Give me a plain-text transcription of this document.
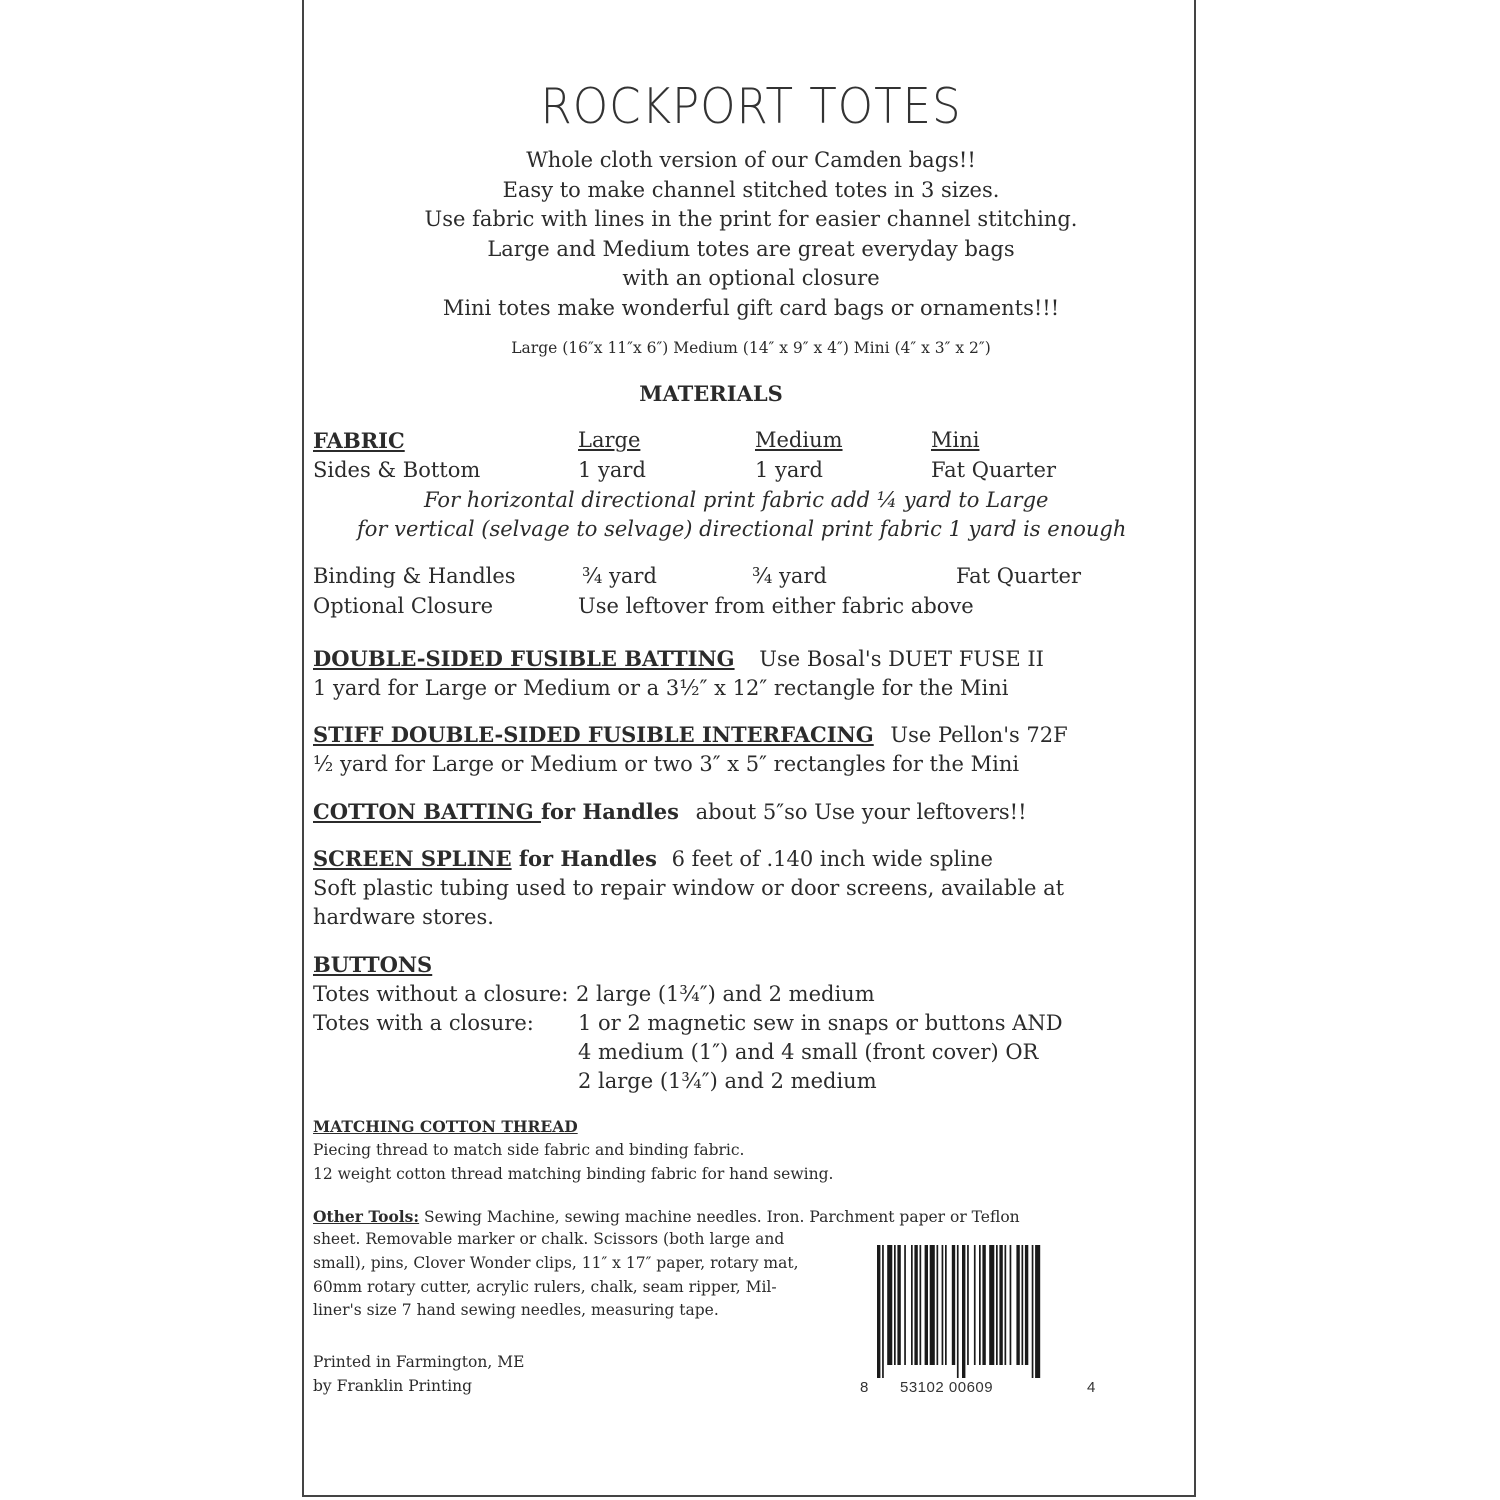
ROCKPORT TOTES
Whole cloth version of our Camden bags!!
Easy to make channel stitched totes in 3 sizes.
Use fabric with lines in the print for easier channel stitching.
Large and Medium totes are great everyday bags
with an optional closure
Mini totes make wonderful gift card bags or ornaments!!!
Large (16″x 11″x 6″) Medium (14″ x 9″ x 4″) Mini (4″ x 3″ x 2″)
MATERIALS
FABRIC	Large	Medium	Mini
Sides & Bottom	1 yard	1 yard	Fat Quarter
For horizontal directional print fabric add ¼ yard to Large
for vertical (selvage to selvage) directional print fabric 1 yard is enough
Binding & Handles	¾ yard	¾ yard	Fat Quarter
Optional Closure	Use leftover from either fabric above
DOUBLE-SIDED FUSIBLE BATTING Use Bosal's DUET FUSE II
1 yard for Large or Medium or a 3½″ x 12″ rectangle for the Mini
STIFF DOUBLE-SIDED FUSIBLE INTERFACING Use Pellon's 72F
½ yard for Large or Medium or two 3″ x 5″ rectangles for the Mini
COTTON BATTING for Handles about 5″so Use your leftovers!!
SCREEN SPLINE for Handles 6 feet of .140 inch wide spline
Soft plastic tubing used to repair window or door screens, available at
hardware stores.
BUTTONS
Totes without a closure: 2 large (1¾″) and 2 medium
Totes with a closure: 1 or 2 magnetic sew in snaps or buttons AND
4 medium (1″) and 4 small (front cover) OR
2 large (1¾″) and 2 medium
MATCHING COTTON THREAD
Piecing thread to match side fabric and binding fabric.
12 weight cotton thread matching binding fabric for hand sewing.
Other Tools: Sewing Machine, sewing machine needles. Iron. Parchment paper or Teflon
sheet. Removable marker or chalk. Scissors (both large and
small), pins, Clover Wonder clips, 11″ x 17″ paper, rotary mat,
60mm rotary cutter, acrylic rulers, chalk, seam ripper, Mil-
liner's size 7 hand sewing needles, measuring tape.
Printed in Farmington, ME
by Franklin Printing	8 53102 00609	4
